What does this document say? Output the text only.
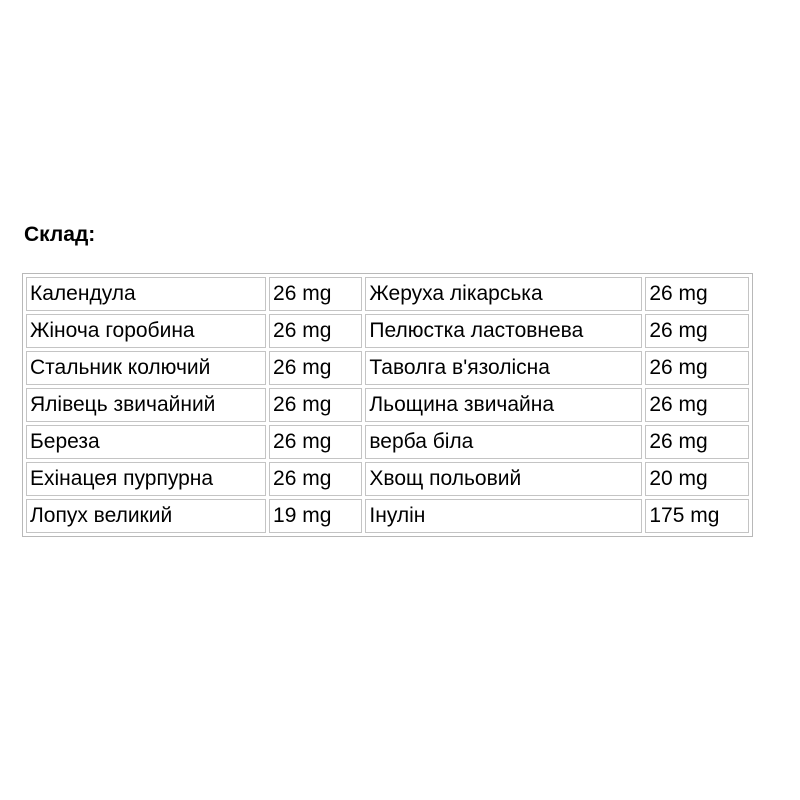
Склад:
Календула	26 mg	Жеруха лікарська	26 mg
Жіноча горобина	26 mg	Пелюстка ластовнева	26 mg
Стальник колючий	26 mg	Таволга в'язолісна	26 mg
Ялівець звичайний	26 mg	Льощина звичайна	26 mg
Береза	26 mg	верба біла	26 mg
Ехінацея пурпурна	26 mg	Хвощ польовий	20 mg
Лопух великий	19 mg	Інулін	175 mg
